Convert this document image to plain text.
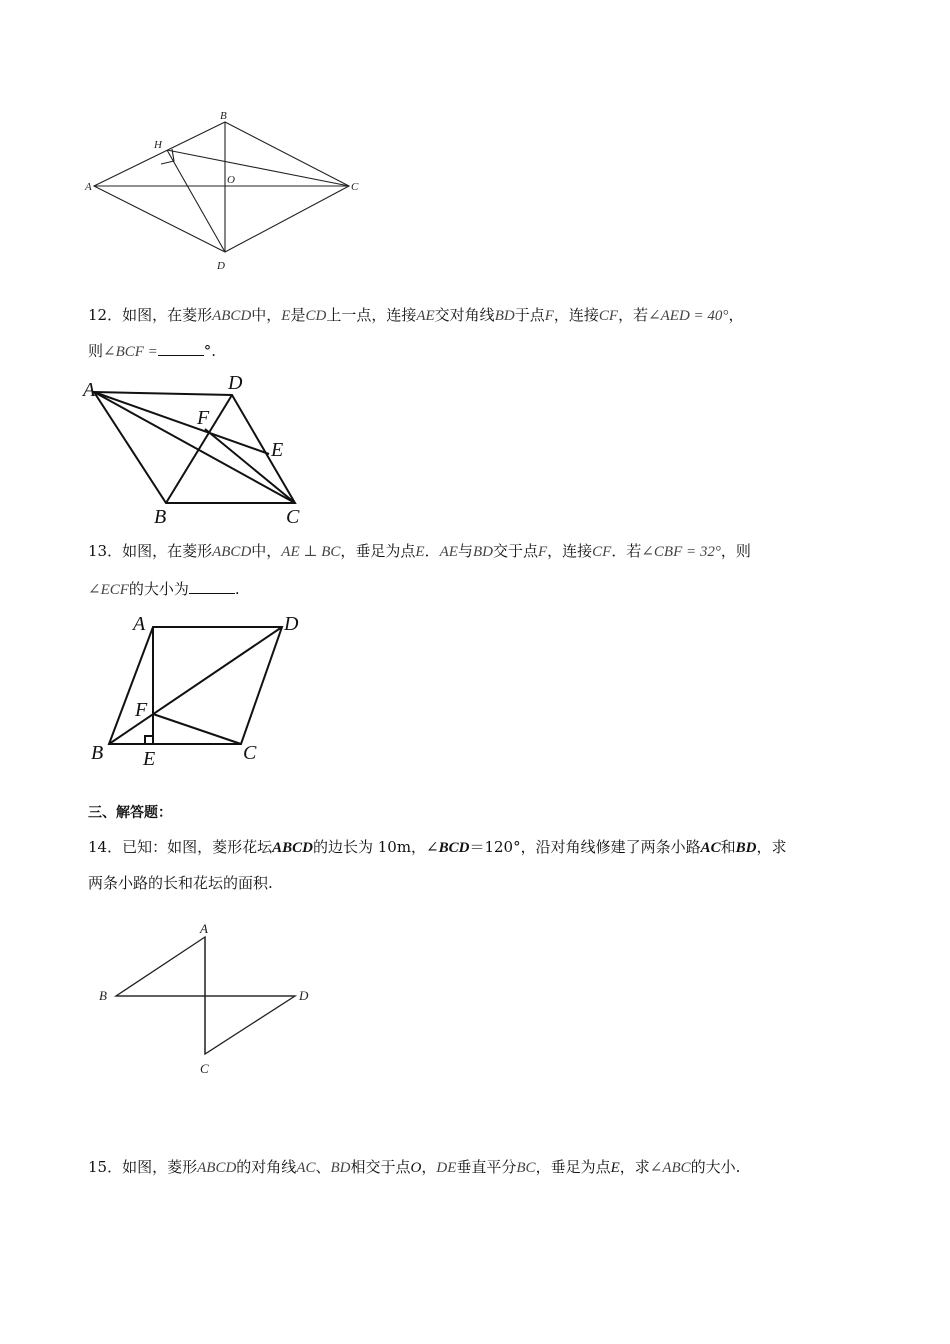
A
B
C
D
O
H
12．如图，在菱形ABCD中，E是CD上一点，连接AE交对角线BD于点F，连接CF，若∠AED = 40°，
则∠BCF =	°.
A	D
F
E
B	C
13．如图，在菱形ABCD中，AE ⊥ BC，垂足为点E．AE与BD交于点F，连接CF．若∠CBF = 32°，则
∠ECF的大小为	.
A	D
F
B E	C
三、解答题：
14．已知：如图，菱形花坛ABCD的边长为 10m，∠BCD＝120°，沿对角线修建了两条小路AC和BD，求
两条小路的长和花坛的面积.
A
B	D
C
15．如图，菱形ABCD的对角线AC、BD相交于点O，DE垂直平分BC，垂足为点E，求∠ABC的大小.
